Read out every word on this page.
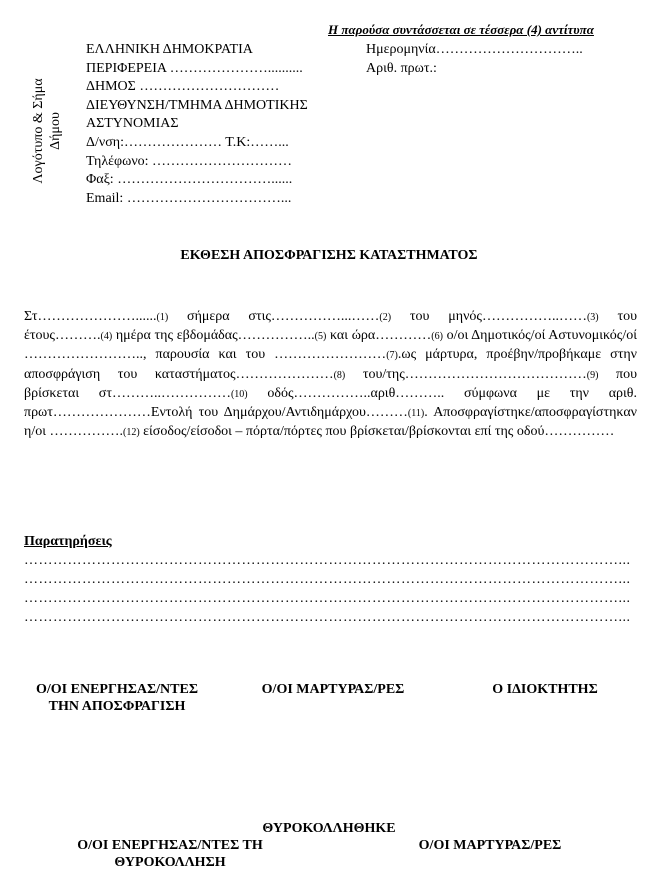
Η παρούσα συντάσσεται σε τέσσερα (4) αντίτυπα
Λογότυπο & Σήμα Δήμου
ΕΛΛΗΝΙΚΗ ΔΗΜΟΚΡΑΤΙΑ
ΠΕΡΙΦΕΡΕΙΑ …………………..........
ΔΗΜΟΣ …………………………
ΔΙΕΥΘΥΝΣΗ/ΤΜΗΜΑ ΔΗΜΟΤΙΚΗΣ
ΑΣΤΥΝΟΜΙΑΣ
Δ/νση:………………… Τ.Κ:……...
Τηλέφωνο: …………………………
Φαξ: ……………………………......
Email: ……………………………...
Ημερομηνία…………………………..
Αριθ. πρωτ.:
ΕΚΘΕΣΗ ΑΠΟΣΦΡΑΓΙΣΗΣ ΚΑΤΑΣΤΗΜΑΤΟΣ
Στ…………………......(1) σήμερα στις……………...……(2) του μηνός……………..……(3) του έτους……….(4) ημέρα της εβδομάδας……………..(5) και ώρα…………(6) ο/οι Δημοτικός/οί Αστυνομικός/οί …………………….., παρουσία και του ……………………(7).ως μάρτυρα, προέβην/προβήκαμε στην αποσφράγιση του καταστήματος…………………(8) του/της…………………………………(9) που βρίσκεται στ………..……………(10) οδός……………..αριθ……….. σύμφωνα με την αριθ. πρωτ…………………Εντολή του Δημάρχου/Αντιδημάρχου………(11). Αποσφραγίστηκε/αποσφραγίστηκαν η/οι …………….(12) είσοδος/είσοδοι – πόρτα/πόρτες που βρίσκεται/βρίσκονται επί της οδού……………
Παρατηρήσεις
……………………………………………………………………………………………………………...
……………………………………………………………………………………………………………...
……………………………………………………………………………………………………………...
……………………………………………………………………………………………………………...
Ο/ΟΙ ΕΝΕΡΓΗΣΑΣ/ΝΤΕΣ
ΤΗΝ ΑΠΟΣΦΡΑΓΙΣΗ
Ο/ΟΙ ΜΑΡΤΥΡΑΣ/ΡΕΣ	Ο ΙΔΙΟΚΤΗΤΗΣ
ΘΥΡΟΚΟΛΛΗΘΗΚΕ
Ο/ΟΙ ΕΝΕΡΓΗΣΑΣ/ΝΤΕΣ ΤΗ
ΘΥΡΟΚΟΛΛΗΣΗ
Ο/ΟΙ ΜΑΡΤΥΡΑΣ/ΡΕΣ
